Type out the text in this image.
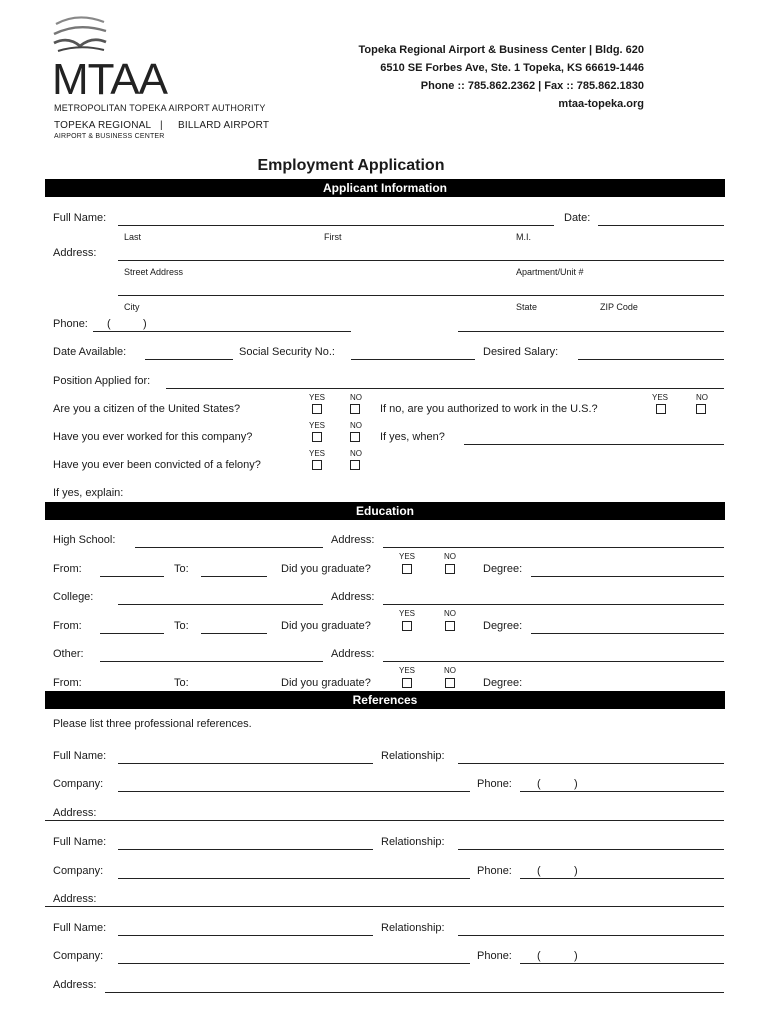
MTAA
METROPOLITAN TOPEKA AIRPORT AUTHORITY
TOPEKA REGIONAL | BILLARD AIRPORT
AIRPORT & BUSINESS CENTER
Topeka Regional Airport & Business Center | Bldg. 620
6510 SE Forbes Ave, Ste. 1 Topeka, KS 66619-1446
Phone :: 785.862.2362 | Fax :: 785.862.1830
mtaa-topeka.org
Employment Application
Applicant Information
Full Name:	Date:
Last	First	M.I.
Address:
Street Address	Apartment/Unit #
City	State	ZIP Code
Phone: (	)
Date Available:	Social Security No.:	Desired Salary:
Position Applied for:
YES	NO
Are you a citizen of the United States?	If no, are you authorized to work in the U.S.?
YES	NO
YES	NO
Have you ever worked for this company?	If yes, when?
YES	NO
Have you ever been convicted of a felony?
If yes, explain:
Education
High School:	Address:
YES	NO
From:	To:	Did you graduate?	Degree:
College:	Address:
YES	NO
From:	To:	Did you graduate?	Degree:
Other:	Address:
YES	NO
From:	To:	Did you graduate?	Degree:
References
Please list three professional references.
Full Name:	Relationship:
Company:	Phone: (	)
Address:
Full Name:	Relationship:
Company:	Phone: (	)
Address:
Full Name:	Relationship:
Company:	Phone: (	)
Address:
